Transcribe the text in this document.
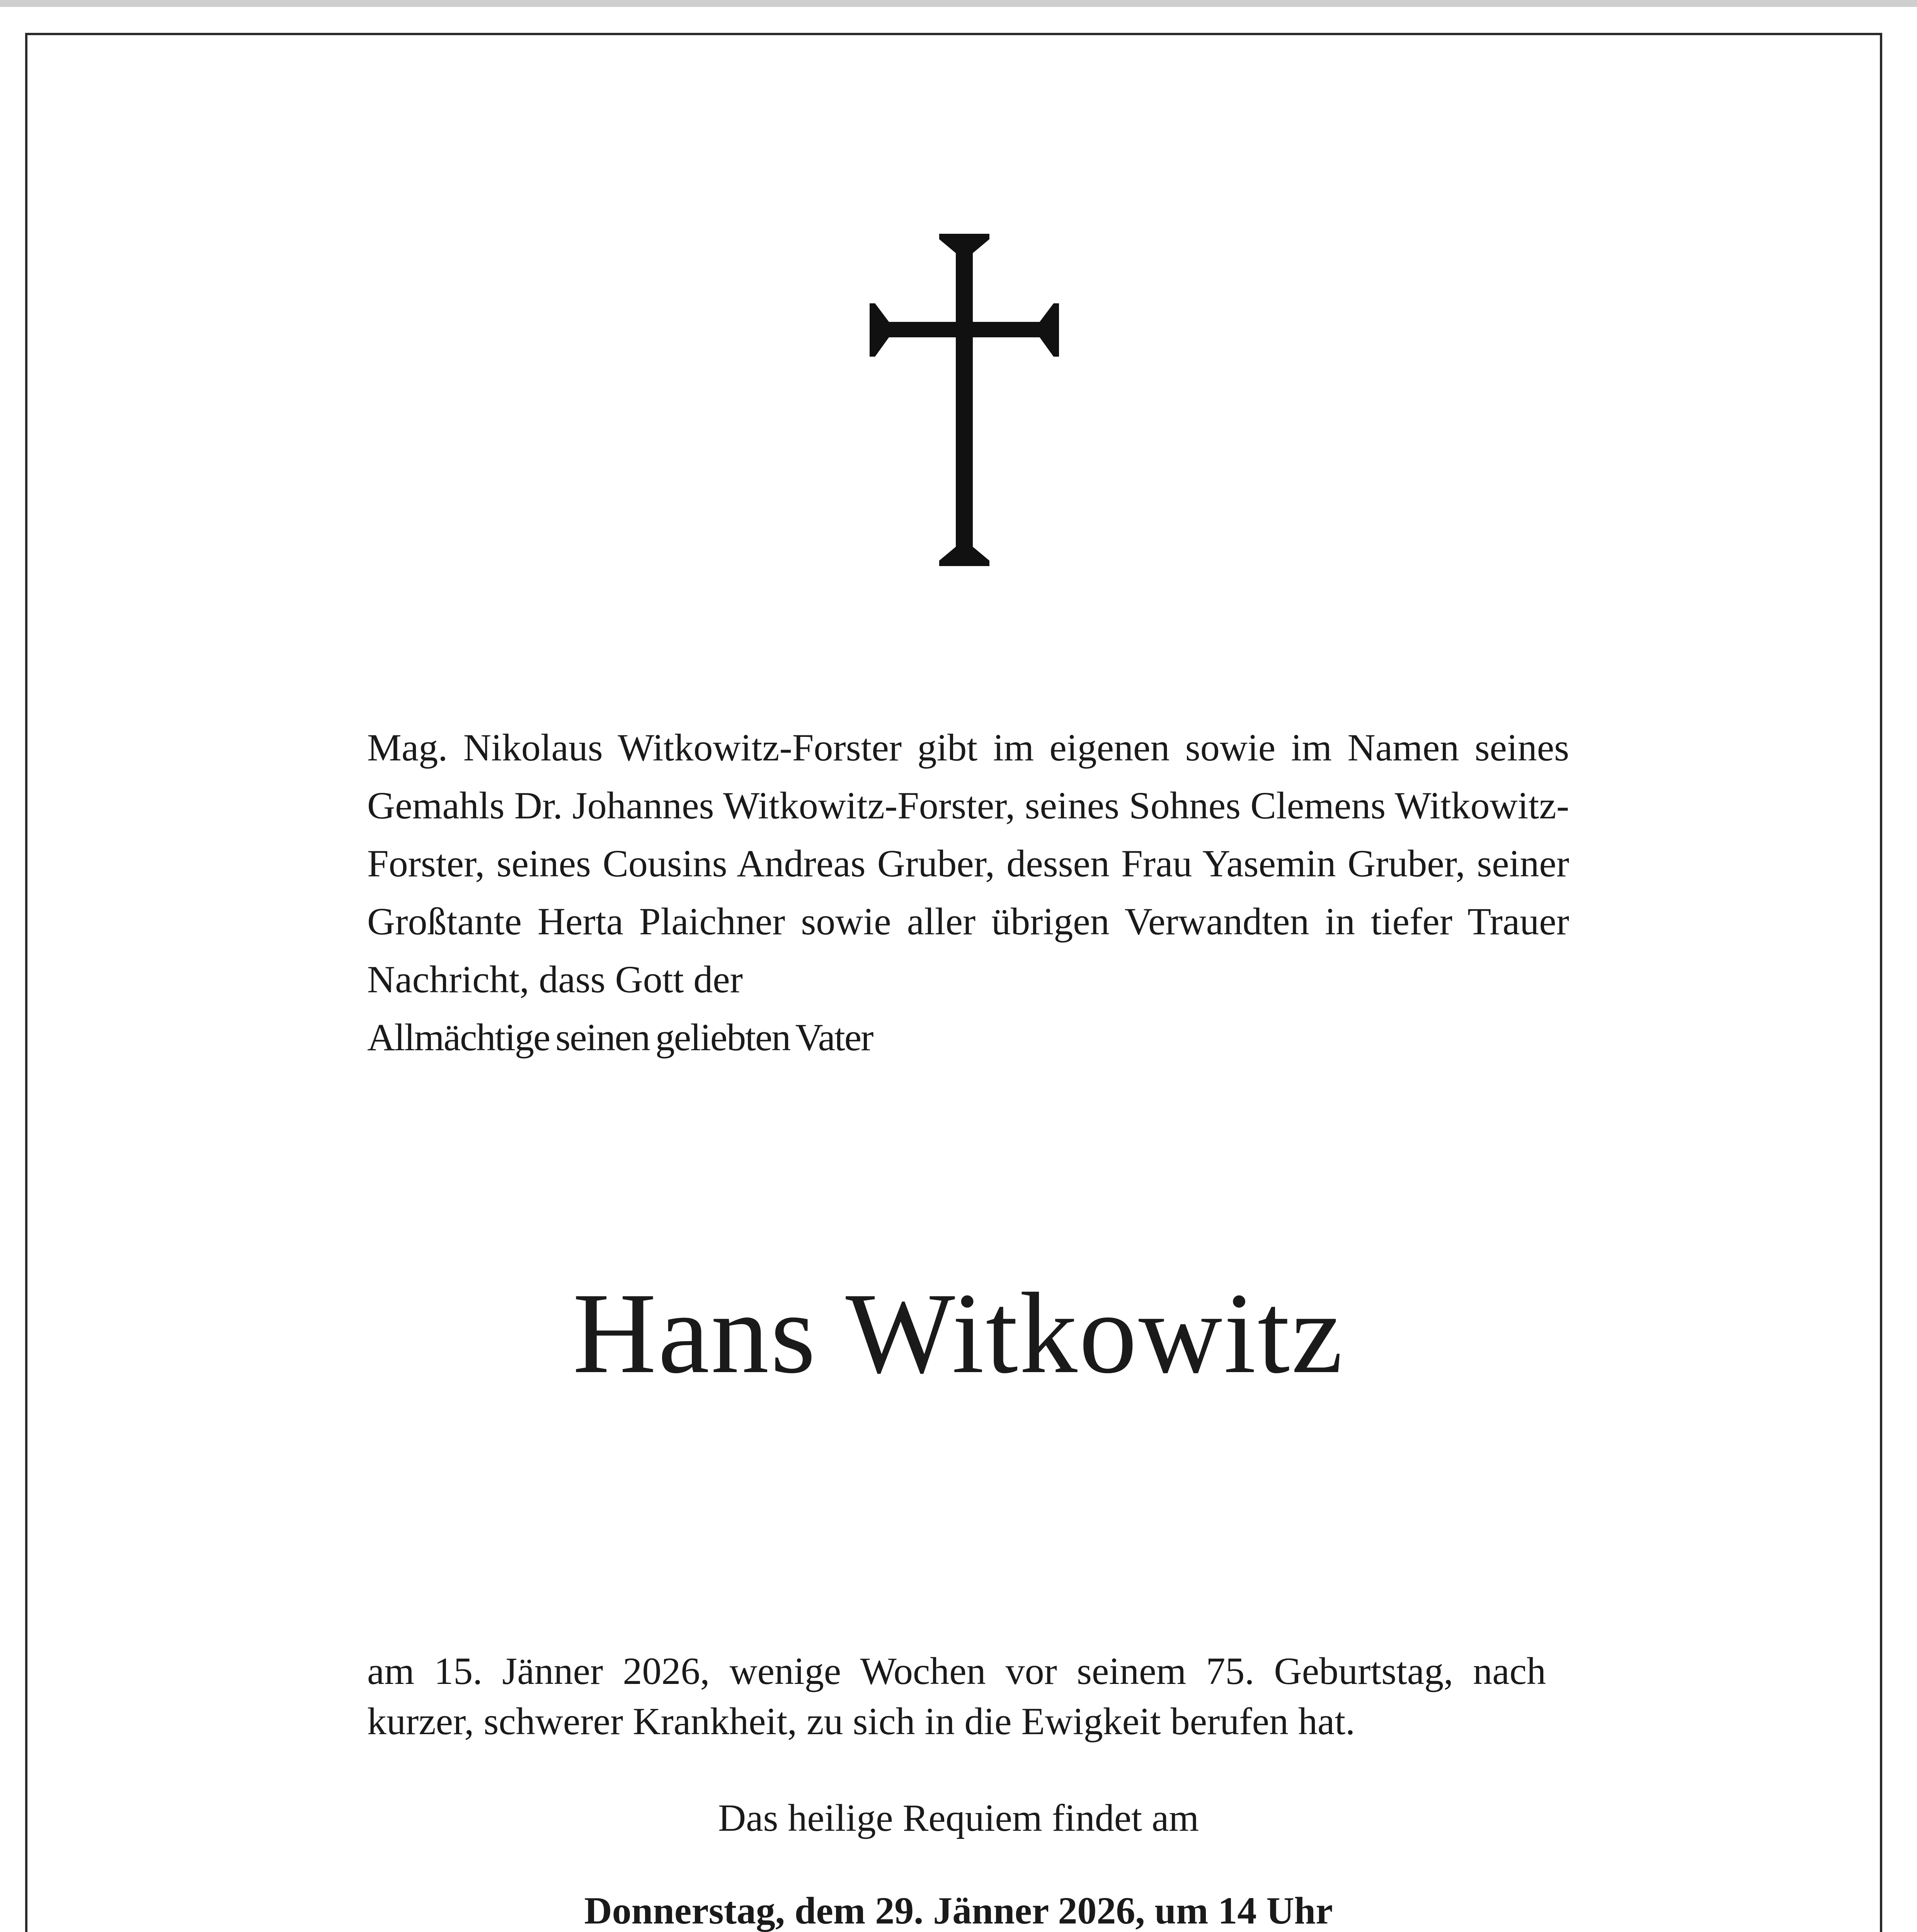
Mag. Nikolaus Witkowitz-Forster gibt im eigenen sowie im Namen seines Gemahls Dr. Johannes Witkowitz-Forster, seines Sohnes Clemens Witkowitz-Forster, seines Cousins Andreas Gruber, dessen Frau Yasemin Gruber, seiner Großtante Herta Plaichner sowie aller übrigen Verwandten in tiefer Trauer Nachricht, dass Gott der
Allmächtige seinen geliebten Vater
Hans Witkowitz
am 15. Jänner 2026, wenige Wochen vor seinem 75. Geburtstag, nach kurzer, schwerer Krankheit, zu sich in die Ewigkeit berufen hat.
Das heilige Requiem findet am
Donnerstag, dem 29. Jänner 2026, um 14 Uhr
